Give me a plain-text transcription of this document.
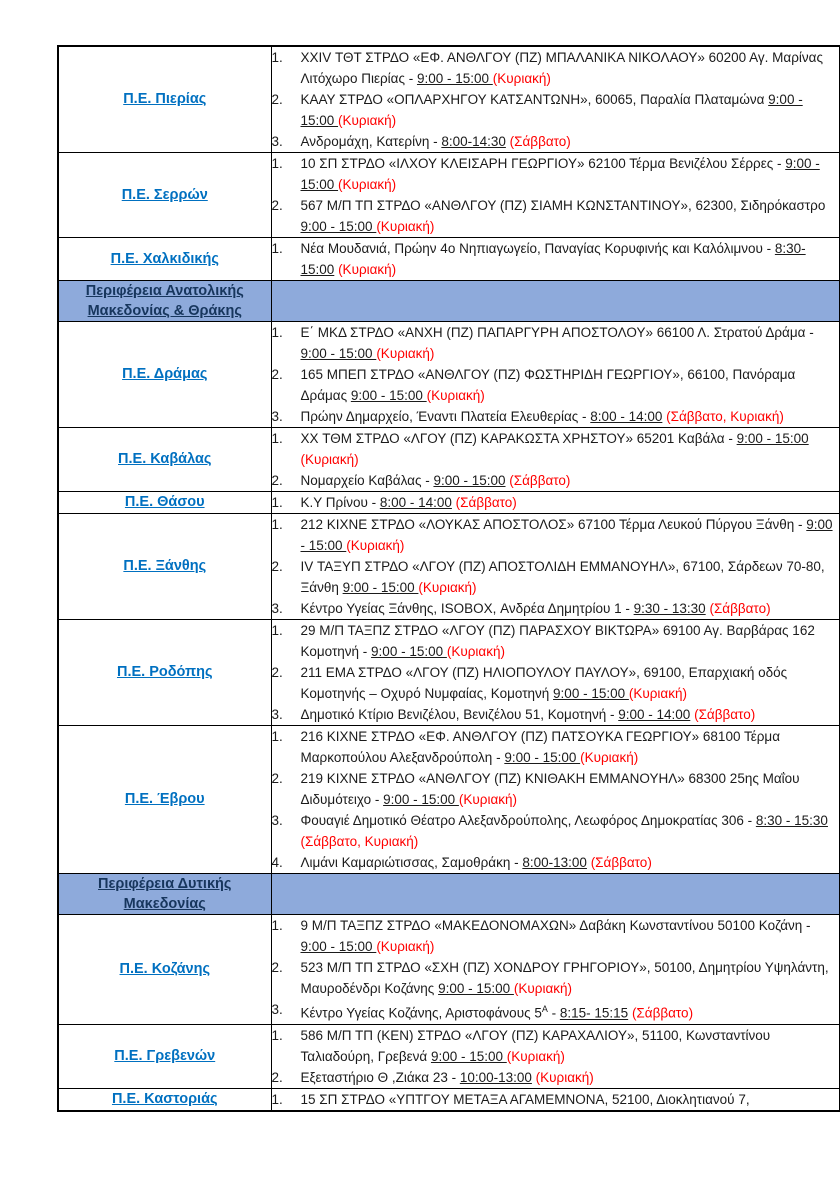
Π.Ε. Πιερίας	
1.	XXIV ΤΘΤ ΣΤΡΔΟ «ΕΦ. ΑΝΘΛΓΟΥ (ΠΖ) ΜΠΑΛΑΝΙΚΑ ΝΙΚΟΛΑΟΥ» 60200 Αγ. Μαρίνας Λιτόχωρο Πιερίας - 9:00 - 15:00 (Κυριακή)
2.	ΚΑΑΥ ΣΤΡΔΟ «ΟΠΛΑΡΧΗΓΟΥ ΚΑΤΣΑΝΤΩΝΗ», 60065, Παραλία Πλαταμώνα 9:00 - 15:00 (Κυριακή)
3.	Ανδρομάχη, Κατερίνη - 8:00-14:30 (Σάββατο)

Π.Ε. Σερρών	1. 10 ΣΠ ΣΤΡΔΟ «ΙΛΧΟΥ ΚΛΕΙΣΑΡΗ ΓΕΩΡΓΙΟΥ» 62100 Τέρμα Βενιζέλου Σέρρες - 9:00 - 15:00 (Κυριακή)
2. 567 Μ/Π ΤΠ ΣΤΡΔΟ «ΑΝΘΛΓΟΥ (ΠΖ) ΣΙΑΜΗ ΚΩΝΣΤΑΝΤΙΝΟΥ», 62300, Σιδηρόκαστρο 9:00 - 15:00 (Κυριακή)

Π.Ε. Χαλκιδικής	1. Νέα Μουδανιά, Πρώην 4ο Νηπιαγωγείο, Παναγίας Κορυφινής και Καλόλιμνου - 8:30-15:00 (Κυριακή)

Περιφέρεια Ανατολικής Μακεδονίας & Θράκης	
Π.Ε. Δράμας	
1.	Ε΄ ΜΚΔ ΣΤΡΔΟ «ΑΝΧΗ (ΠΖ) ΠΑΠΑΡΓΥΡΗ ΑΠΟΣΤΟΛΟΥ» 66100 Λ. Στρατού Δράμα - 9:00 - 15:00 (Κυριακή)
2.	165 ΜΠΕΠ ΣΤΡΔΟ «ΑΝΘΛΓΟΥ (ΠΖ) ΦΩΣΤΗΡΙΔΗ ΓΕΩΡΓΙΟΥ», 66100, Πανόραμα Δράμας 9:00 - 15:00 (Κυριακή)
3.	Πρώην Δημαρχείο, Έναντι Πλατεία Ελευθερίας - 8:00 - 14:00 (Σάββατο, Κυριακή)

Π.Ε. Καβάλας	1. XX ΤΘΜ ΣΤΡΔΟ «ΛΓΟΥ (ΠΖ) ΚΑΡΑΚΩΣΤΑ ΧΡΗΣΤΟΥ» 65201 Καβάλα - 9:00 - 15:00 (Κυριακή)
2. Νομαρχείο Καβάλας - 9:00 - 15:00 (Σάββατο)

Π.Ε. Θάσου	1. Κ.Υ Πρίνου - 8:00 - 14:00 (Σάββατο)

Π.Ε. Ξάνθης	
1.	212 ΚΙΧΝΕ ΣΤΡΔΟ «ΛΟΥΚΑΣ ΑΠΟΣΤΟΛΟΣ» 67100 Τέρμα Λευκού Πύργου Ξάνθη - 9:00 - 15:00 (Κυριακή)
2.	IV ΤΑΞΥΠ ΣΤΡΔΟ «ΛΓΟΥ (ΠΖ) ΑΠΟΣΤΟΛΙΔΗ ΕΜΜΑΝΟΥΗΛ», 67100, Σάρδεων 70-80, Ξάνθη 9:00 - 15:00 (Κυριακή)
3.	Κέντρο Υγείας Ξάνθης, ISOBOX, Ανδρέα Δημητρίου 1 - 9:30 - 13:30 (Σάββατο)

Π.Ε. Ροδόπης	
1.	29 Μ/Π ΤΑΞΠΖ ΣΤΡΔΟ «ΛΓΟΥ (ΠΖ) ΠΑΡΑΣΧΟΥ ΒΙΚΤΩΡΑ» 69100 Αγ. Βαρβάρας 162 Κομοτηνή - 9:00 - 15:00 (Κυριακή)
2.	211 ΕΜΑ ΣΤΡΔΟ «ΛΓΟΥ (ΠΖ) ΗΛΙΟΠΟΥΛΟΥ ΠΑΥΛΟΥ», 69100, Επαρχιακή οδός Κομοτηνής – Οχυρό Νυμφαίας, Κομοτηνή 9:00 - 15:00 (Κυριακή)
3.	Δημοτικό Κτίριο Βενιζέλου, Βενιζέλου 51, Κομοτηνή - 9:00 - 14:00 (Σάββατο)

Π.Ε. Έβρου	
1.	216 ΚΙΧΝΕ ΣΤΡΔΟ «ΕΦ. ΑΝΘΛΓΟΥ (ΠΖ) ΠΑΤΣΟΥΚΑ ΓΕΩΡΓΙΟΥ» 68100 Τέρμα Μαρκοπούλου Αλεξανδρούπολη - 9:00 - 15:00 (Κυριακή)
2.	219 ΚΙΧΝΕ ΣΤΡΔΟ «ΑΝΘΛΓΟΥ (ΠΖ) ΚΝΙΘΑΚΗ ΕΜΜΑΝΟΥΗΛ» 68300 25ης Μαΐου Διδυμότειχο - 9:00 - 15:00 (Κυριακή)
3.	Φουαγιέ Δημοτικό Θέατρο Αλεξανδρούπολης, Λεωφόρος Δημοκρατίας 306 - 8:30 - 15:30 (Σάββατο, Κυριακή)
4.	Λιμάνι Καμαριώτισσας, Σαμοθράκη - 8:00-13:00 (Σάββατο)

Περιφέρεια Δυτικής Μακεδονίας	
Π.Ε. Κοζάνης	
1.	9 Μ/Π ΤΑΞΠΖ ΣΤΡΔΟ «ΜΑΚΕΔΟΝΟΜΑΧΩΝ» Δαβάκη Κωνσταντίνου 50100 Κοζάνη - 9:00 - 15:00 (Κυριακή)
2.	523 Μ/Π ΤΠ ΣΤΡΔΟ «ΣΧΗ (ΠΖ) ΧΟΝΔΡΟΥ ΓΡΗΓΟΡΙΟΥ», 50100, Δημητρίου Υψηλάντη, Μαυροδένδρι Κοζάνης 9:00 - 15:00 (Κυριακή)
3.	Κέντρο Υγείας Κοζάνης, Αριστοφάνους $5^A$ - 8:15- 15:15 (Σάββατο)

Π.Ε. Γρεβενών	1. 586 Μ/Π ΤΠ (ΚΕΝ) ΣΤΡΔΟ «ΛΓΟΥ (ΠΖ) ΚΑΡΑΧΑΛΙΟΥ», 51100, Κωνσταντίνου Ταλιαδούρη, Γρεβενά 9:00 - 15:00 (Κυριακή)
2. Εξεταστήριο Θ ,Ζιάκα 23 - 10:00-13:00 (Κυριακή)

Π.Ε. Καστοριάς	1. 15 ΣΠ ΣΤΡΔΟ «ΥΠΤΓΟΥ ΜΕΤΑΞΑ ΑΓΑΜΕΜΝΟΝΑ, 52100, Διοκλητιανού 7,
